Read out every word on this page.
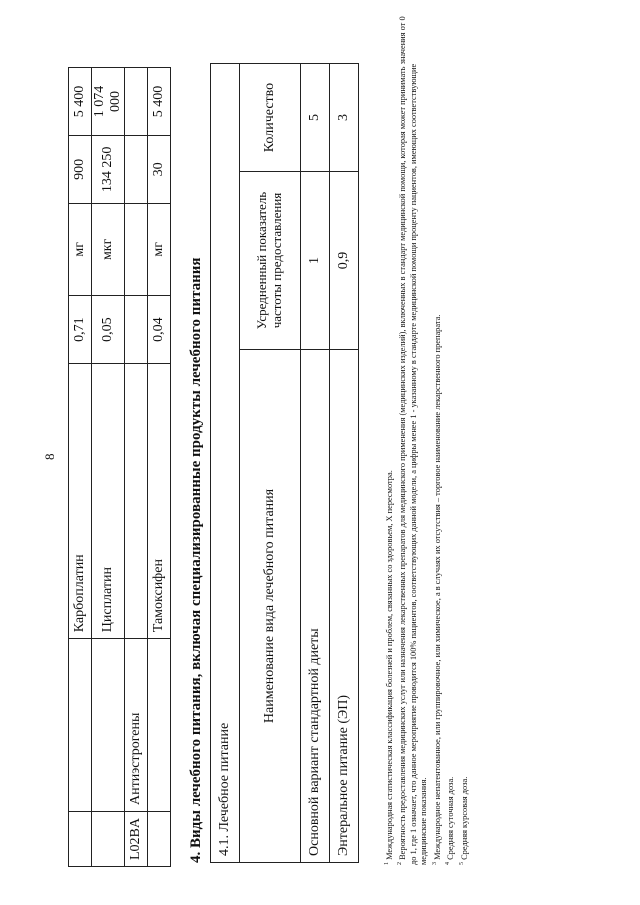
8
		Карбоплатин	0,71	мг	900	5 400
		Цисплатин	0,05	мкг	134 250	1 074 000
L02BA	Антиэстрогены					
		Тамоксифен	0,04	мг	30	5 400
4. Виды лечебного питания, включая специализированные продукты лечебного питания 4.1. Лечебное питание		
Наименование вида лечебного питания	Усредненный показатель частоты предоставления	Количество
Основной вариант стандартной диеты	1	5
Энтеральное питание (ЭП)	0,9	3

$^1$ Международная статистическая классификация болезней и проблем, связанных со здоровьем, X пересмотра.

$^2$ Вероятность предоставления медицинских услуг или назначения лекарственных препаратов для медицинского применения (медицинских изделий), включенных в стандарт медицинской помощи, которая может принимать значения от 0 до 1, где 1 означает, что данное мероприятие проводится 100% пациентов, соответствующих данной модели, а цифры менее 1 - указанному в стандарте медицинской помощи проценту пациентов, имеющих соответствующие медицинские показания. $^3$ Международное непатентованное, или группировочное, или химическое, а в случаях их отсутствия – торговое наименование лекарственного препарата.

$^4$ Средняя суточная доза.

$^5$ Средняя курсовая доза.
